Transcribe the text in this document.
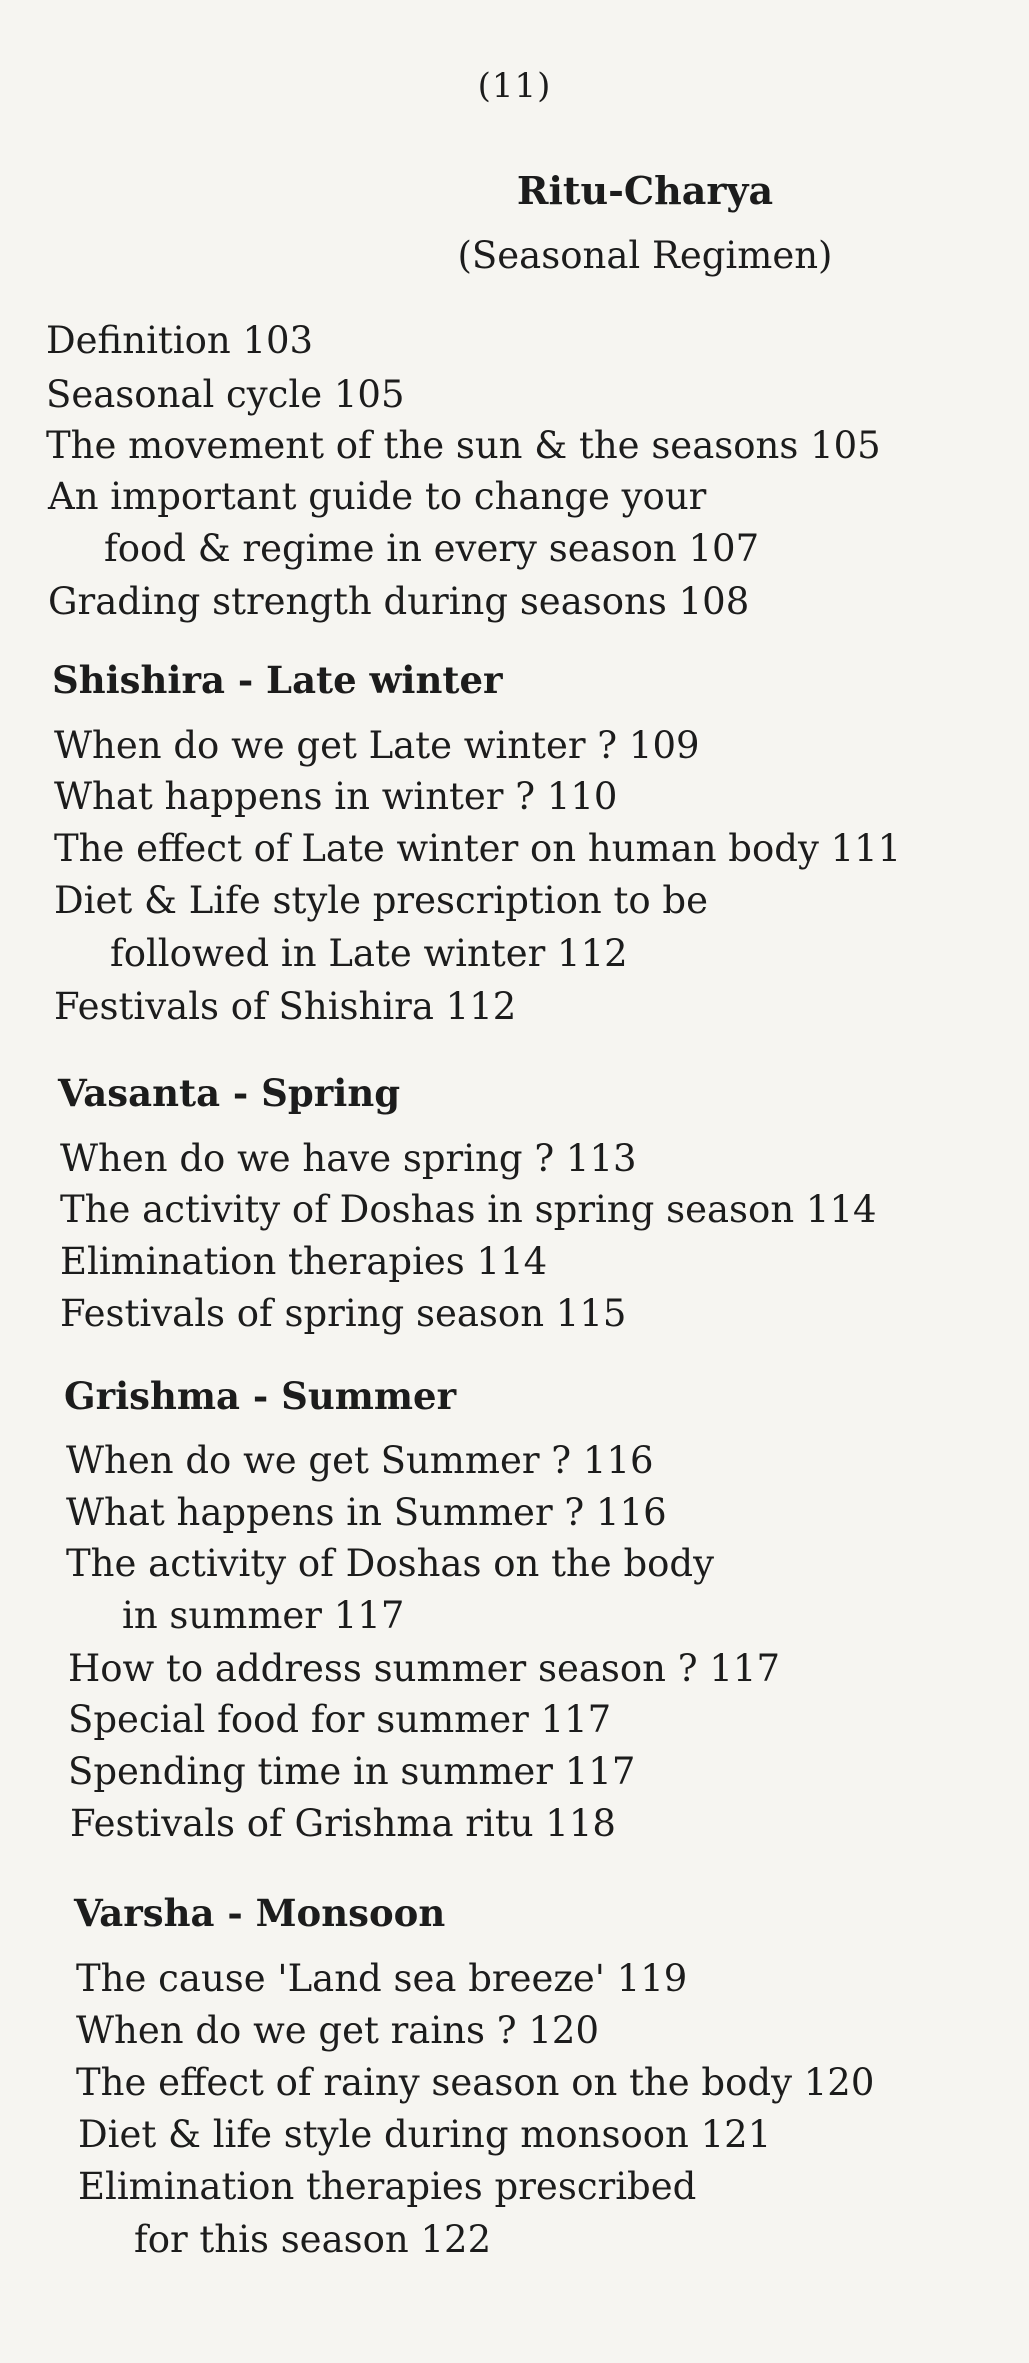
(11)
Ritu-Charya
(Seasonal Regimen)
Definition 103
Seasonal cycle 105
The movement of the sun & the seasons 105
An important guide to change your
food & regime in every season 107
Grading strength during seasons 108
Shishira - Late winter
When do we get Late winter ? 109
What happens in winter ? 110
The effect of Late winter on human body 111
Diet & Life style prescription to be
followed in Late winter 112
Festivals of Shishira 112
Vasanta - Spring
When do we have spring ? 113
The activity of Doshas in spring season 114
Elimination therapies 114
Festivals of spring season 115
Grishma - Summer
When do we get Summer ? 116
What happens in Summer ? 116
The activity of Doshas on the body
in summer 117
How to address summer season ? 117
Special food for summer 117
Spending time in summer 117
Festivals of Grishma ritu 118
Varsha - Monsoon
The cause 'Land sea breeze' 119
When do we get rains ? 120
The effect of rainy season on the body 120
Diet & life style during monsoon 121
Elimination therapies prescribed
for this season 122
